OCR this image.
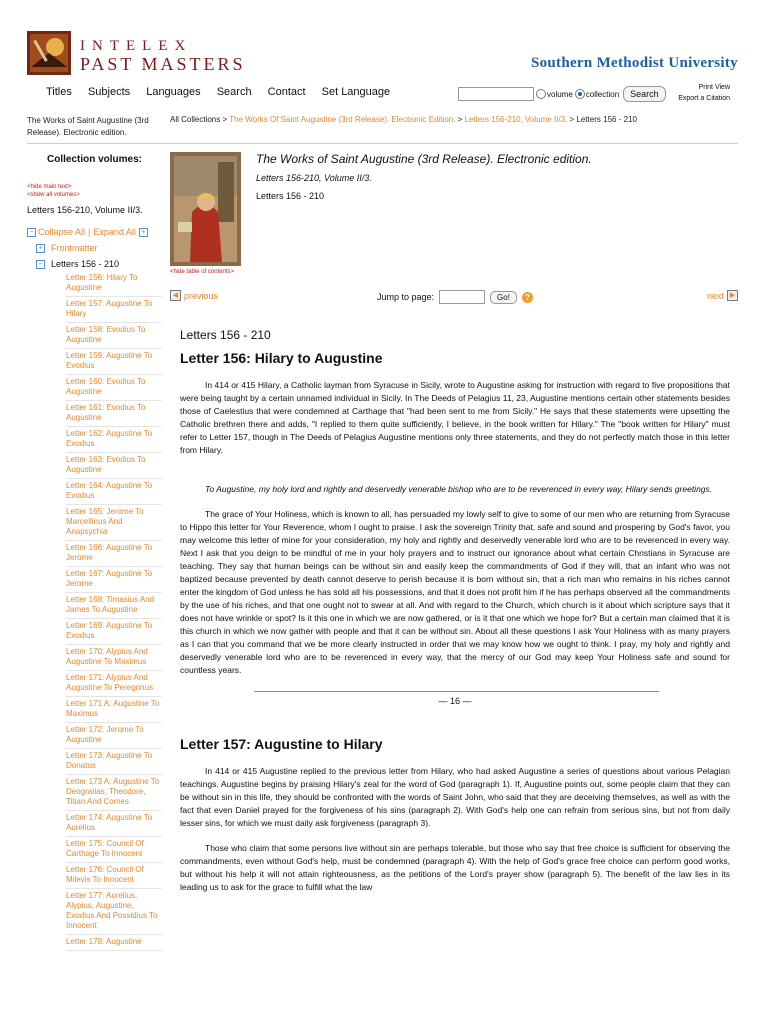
INTELEX
PAST MASTERS	Southern Methodist University
Titles Subjects Languages Search Contact Set Language	volume collection	Search
Print View
Export a Citation
The Works of Saint Augustine (3rd Release). Electronic edition.
All Collections > The Works Of Saint Augustine (3rd Release). Electronic Edition. > Letters 156-210, Volume II/3. > Letters 156 - 210
Collection volumes:
<hide main text>
<show all volumes>
Letters 156-210, Volume II/3.
− Collapse All | Expand All +
+ Frontmatter
− Letters 156 - 210
Letter 156: Hilary To Augustine
Letter 157: Augustine To Hilary
Letter 158: Evodius To Augustine
Letter 159: Augustine To Evodius
Letter 160: Evodius To Augustine
Letter 161: Evodius To Augustine
Letter 162: Augustine To Evodius
Letter 163: Evodius To Augustine
Letter 164: Augustine To Evodius
Letter 165: Jerome To Marcellinus And Anapsychia
Letter 166: Augustine To Jerome
Letter 167: Augustine To Jerome
Letter 168: Timasius And James To Augustine
Letter 169: Augustine To Evodius
Letter 170: Alypius And Augustine To Maximus
Letter 171: Alypius And Augustine To Peregrinus
Letter 171 A: Augustine To Maximus
Letter 172: Jerome To Augustine
Letter 173: Augustine To Donatus
Letter 173 A: Augustine To Deogratias, Theodore, Titian And Comes
Letter 174: Augustine To Aurelius
Letter 175: Council Of Carthage To Innocent
Letter 176: Council Of Milevis To Innocent
Letter 177: Aurelius, Alypius, Augustine, Evodius And Possidius To Innocent
Letter 178: Augustine
<hide table of contents>
The Works of Saint Augustine (3rd Release). Electronic edition.
Letters 156-210, Volume II/3.
Letters 156 - 210
◀ previous	Jump to page:	Go!	?	next ▶
Letters 156 - 210
Letter 156: Hilary to Augustine

In 414 or 415 Hilary, a Catholic layman from Syracuse in Sicily, wrote to Augustine asking for instruction with regard to five propositions that were being taught by a certain unnamed individual in Sicily. In The Deeds of Pelagius 11, 23, Augustine mentions certain other statements besides those of Caelestius that were condemned at Carthage that "had been sent to me from Sicily." He says that these statements were upsetting the Catholic brethren there and adds, "I replied to them quite sufficiently, I believe, in the book written for Hilary." The "book written for Hilary" must refer to Letter 157, though in The Deeds of Pelagius Augustine mentions only three statements, and they do not perfectly match those in this letter from Hilary.

To Augustine, my holy lord and rightly and deservedly venerable bishop who are to be reverenced in every way, Hilary sends greetings.

The grace of Your Holiness, which is known to all, has persuaded my lowly self to give to some of our men who are returning from Syracuse to Hippo this letter for Your Reverence, whom I ought to praise. I ask the sovereign Trinity that, safe and sound and prospering by God's favor, you may welcome this letter of mine for your consideration, my holy and rightly and deservedly venerable lord who are to be reverenced in every way. Next I ask that you deign to be mindful of me in your holy prayers and to instruct our ignorance about what certain Christians in Syracuse are teaching. They say that human beings can be without sin and easily keep the commandments of God if they will, that an infant who was not baptized because prevented by death cannot deserve to perish because it is born without sin, that a rich man who remains in his riches cannot enter the kingdom of God unless he has sold all his possessions, and that it does not profit him if he has perhaps observed all the commandments by the use of his riches, and that one ought not to swear at all. And with regard to the Church, which church is it about which scripture says that it does not have wrinkle or spot? Is it this one in which we are now gathered, or is it that one which we hope for? But a certain man claimed that it is this church in which we now gather with people and that it can be without sin. About all these questions I ask Your Holiness with as many prayers as I can that you command that we be more clearly instructed in order that we may know how we ought to think. I pray, my holy and rightly and deservedly venerable lord who are to be reverenced in every way, that the mercy of our God may keep Your Holiness safe and sound for countless years.

— 16 —
Letter 157: Augustine to Hilary

In 414 or 415 Augustine replied to the previous letter from Hilary, who had asked Augustine a series of questions about various Pelagian teachings. Augustine begins by praising Hilary's zeal for the word of God (paragraph 1). If, Augustine points out, some people claim that they can be without sin in this life, they should be confronted with the words of Saint John, who said that they are deceiving themselves, as well as with the fact that even Daniel prayed for the forgiveness of his sins (paragraph 2). With God's help one can refrain from serious sins, but not from daily lesser sins, for which we must daily ask forgiveness (paragraph 3).

Those who claim that some persons live without sin are perhaps tolerable, but those who say that free choice is sufficient for observing the commandments, even without God's help, must be condemned (paragraph 4). With the help of God's grace free choice can perform good works, but without his help it will not attain righteousness, as the petitions of the Lord's prayer show (paragraph 5). The benefit of the law lies in its leading us to ask for the grace to fulfill what the law
